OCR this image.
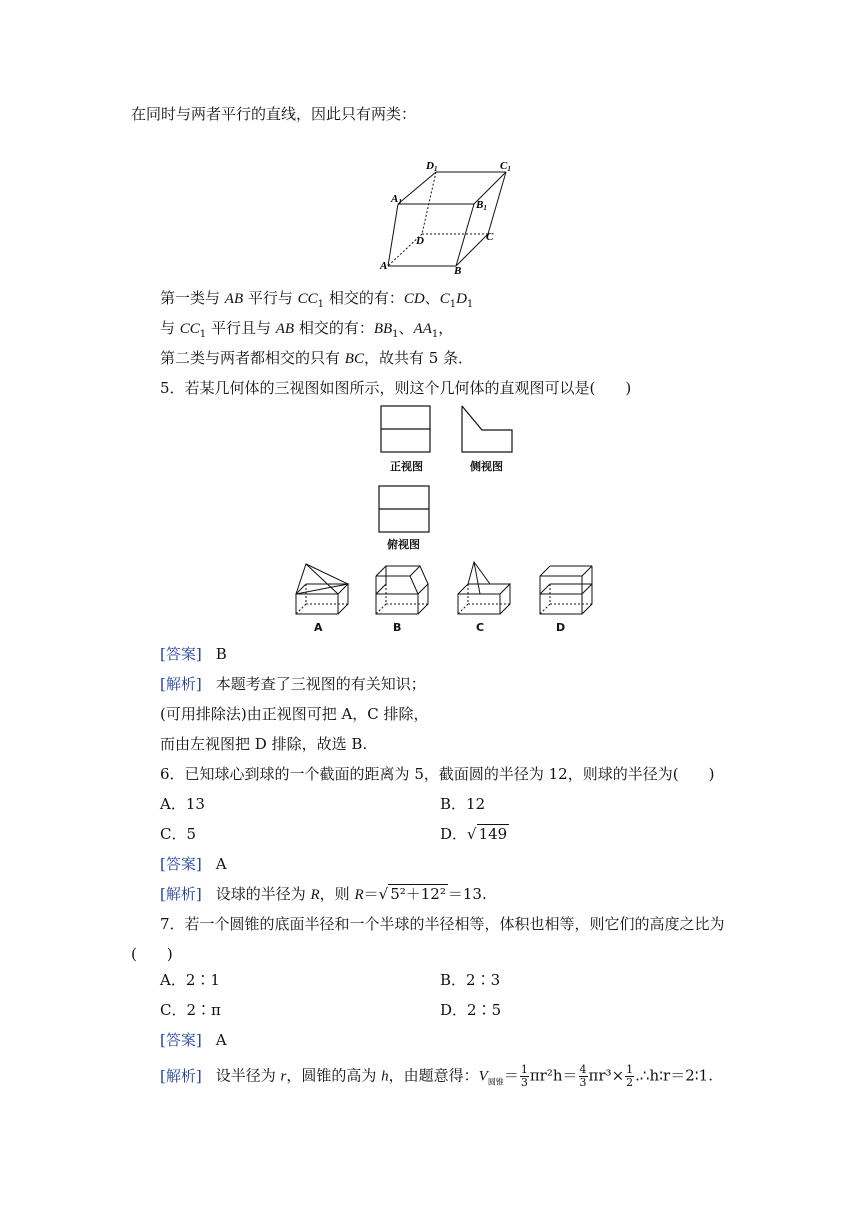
在同时与两者平行的直线，因此只有两类：
D1	C1
A1	B1
D	C
A	B
第一类与 AB 平行与 $CC_1$ 相交的有：CD、$C_1D_1$
与 $CC_1$ 平行且与 AB 相交的有：$BB_1$、$AA_1$，
第二类与两者都相交的只有 BC，故共有 5 条．
5．若某几何体的三视图如图所示，则这个几何体的直观图可以是(　　)
正视图	侧视图
俯视图
A	B	C	D
[答案] B
[解析] 本题考查了三视图的有关知识；
(可用排除法)由正视图可把 A，C 排除，
而由左视图把 D 排除，故选 B.
6．已知球心到球的一个截面的距离为 5，截面圆的半径为 12，则球的半径为(　　)
A．13	B．12
C．5	D．√ 149
[答案] A
[解析] 设球的半径为 R，则 R＝√ 5²＋12² ＝13.
7．若一个圆锥的底面半径和一个半球的半径相等，体积也相等，则它们的高度之比为
(　　)
A．2∶1	B．2∶3
C．2∶π	D．2∶5
[答案] A
[解析] 设半径为 r，圆锥的高为 h，由题意得：$V_{圆锥}= \frac{1}{3} \pi r^2h= \frac{4}{3} \pi r^3\times \frac{1}{2}$ .∴h∶r＝2∶1.
